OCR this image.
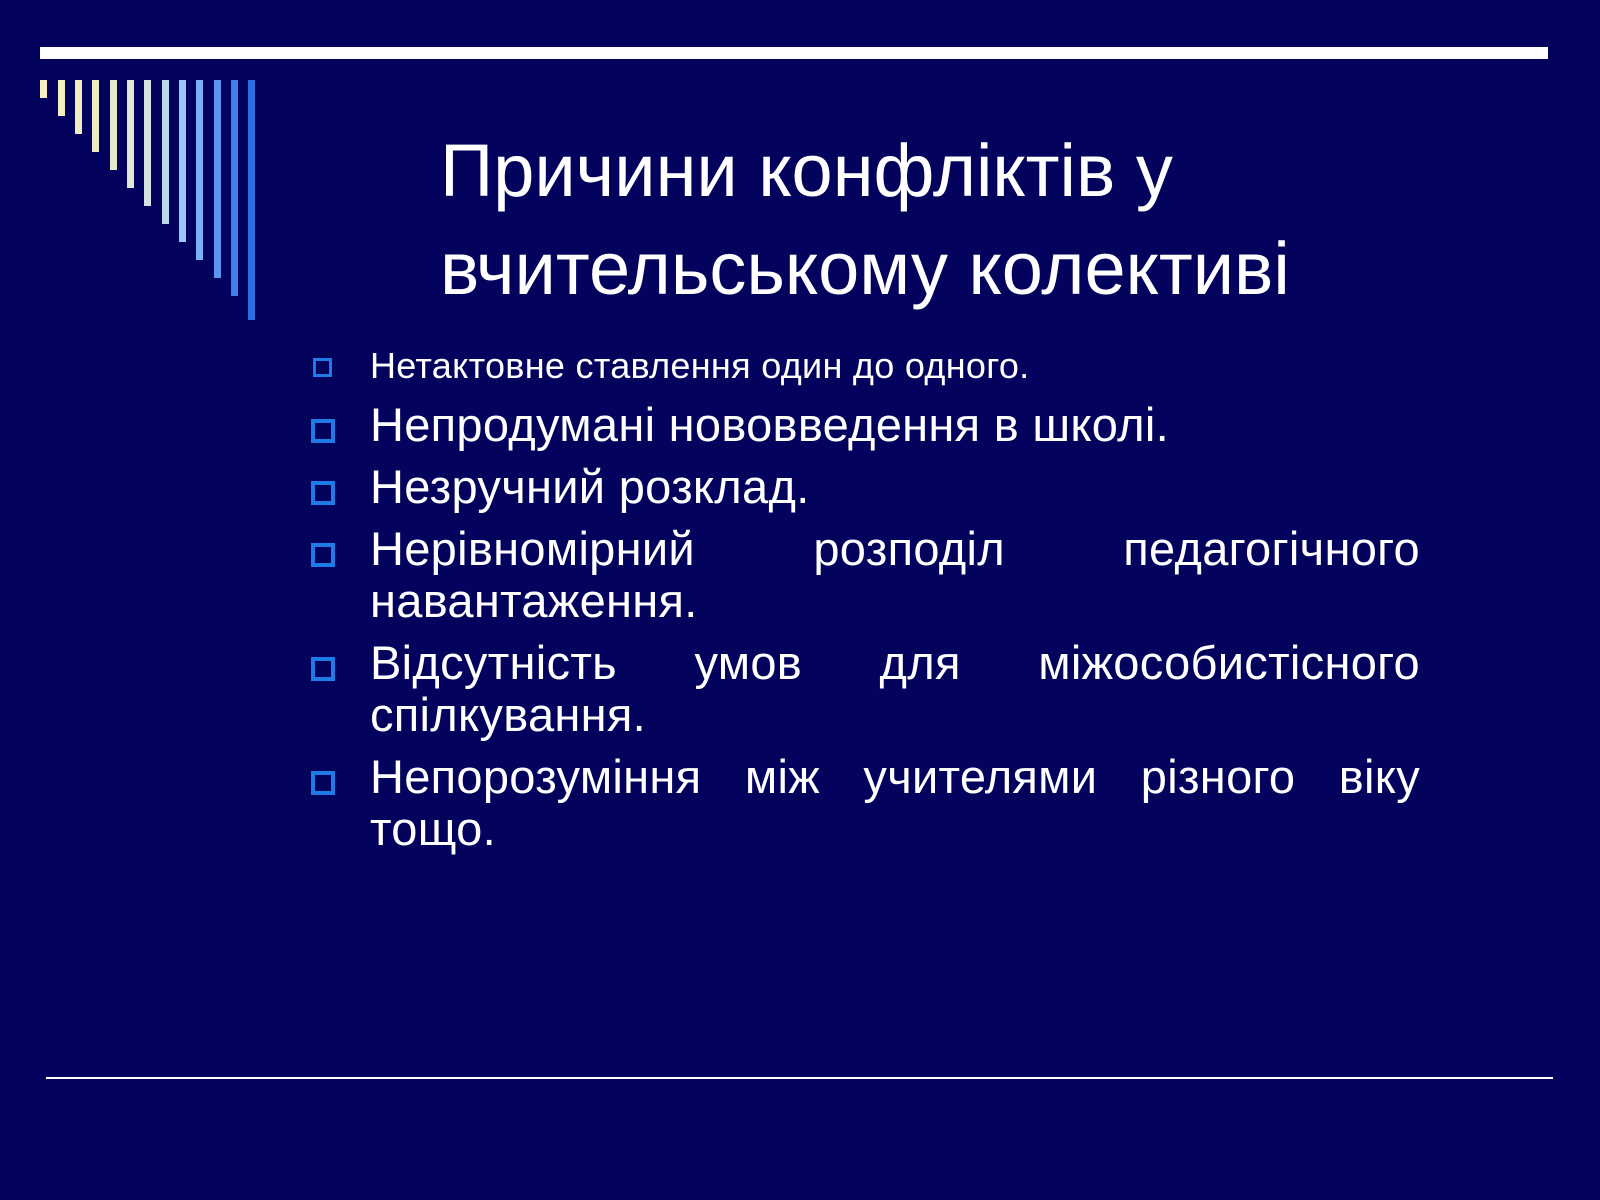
Причини конфліктів у
вчительському колективі
Нетактовне ставлення один до одного.
Непродумані нововведення в школі.
Незручний розклад.
Нерівномірний розподіл педагогічного навантаження.
Відсутність умов для міжособистісного спілкування.
Непорозуміння між учителями різного віку тощо.
